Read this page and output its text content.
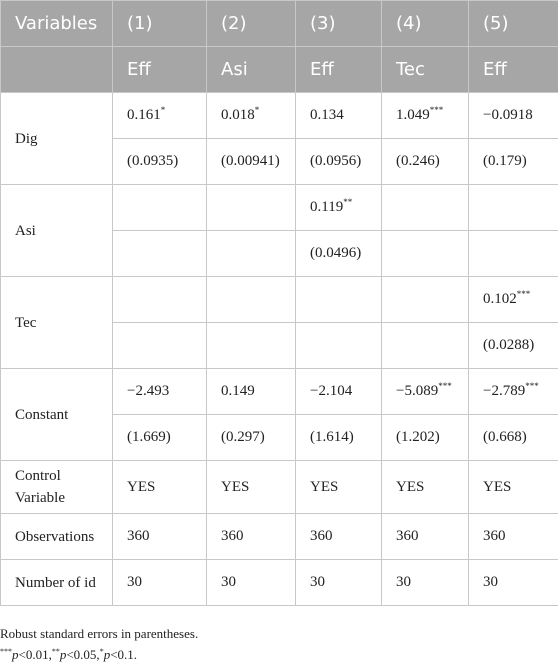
Variables	(1)	(2)	(3)	(4)	(5)
	Eff	Asi	Eff	Tec	Eff
Dig	0.161*	0.018*	0.134	1.049***	−0.0918
	(0.0935)	(0.00941)	(0.0956)	(0.246)	(0.179)
Asi			0.119**		
			(0.0496)		
Tec					0.102***
					(0.0288)
Constant	−2.493	0.149	−2.104	−5.089***	−2.789***
	(1.669)	(0.297)	(1.614)	(1.202)	(0.668)
Control Variable	YES	YES	YES	YES	YES
Observations	360	360	360	360	360
Number of id	30	30	30	30	30
Robust standard errors in parentheses.
***p<0.01,**p<0.05,*p<0.1.
